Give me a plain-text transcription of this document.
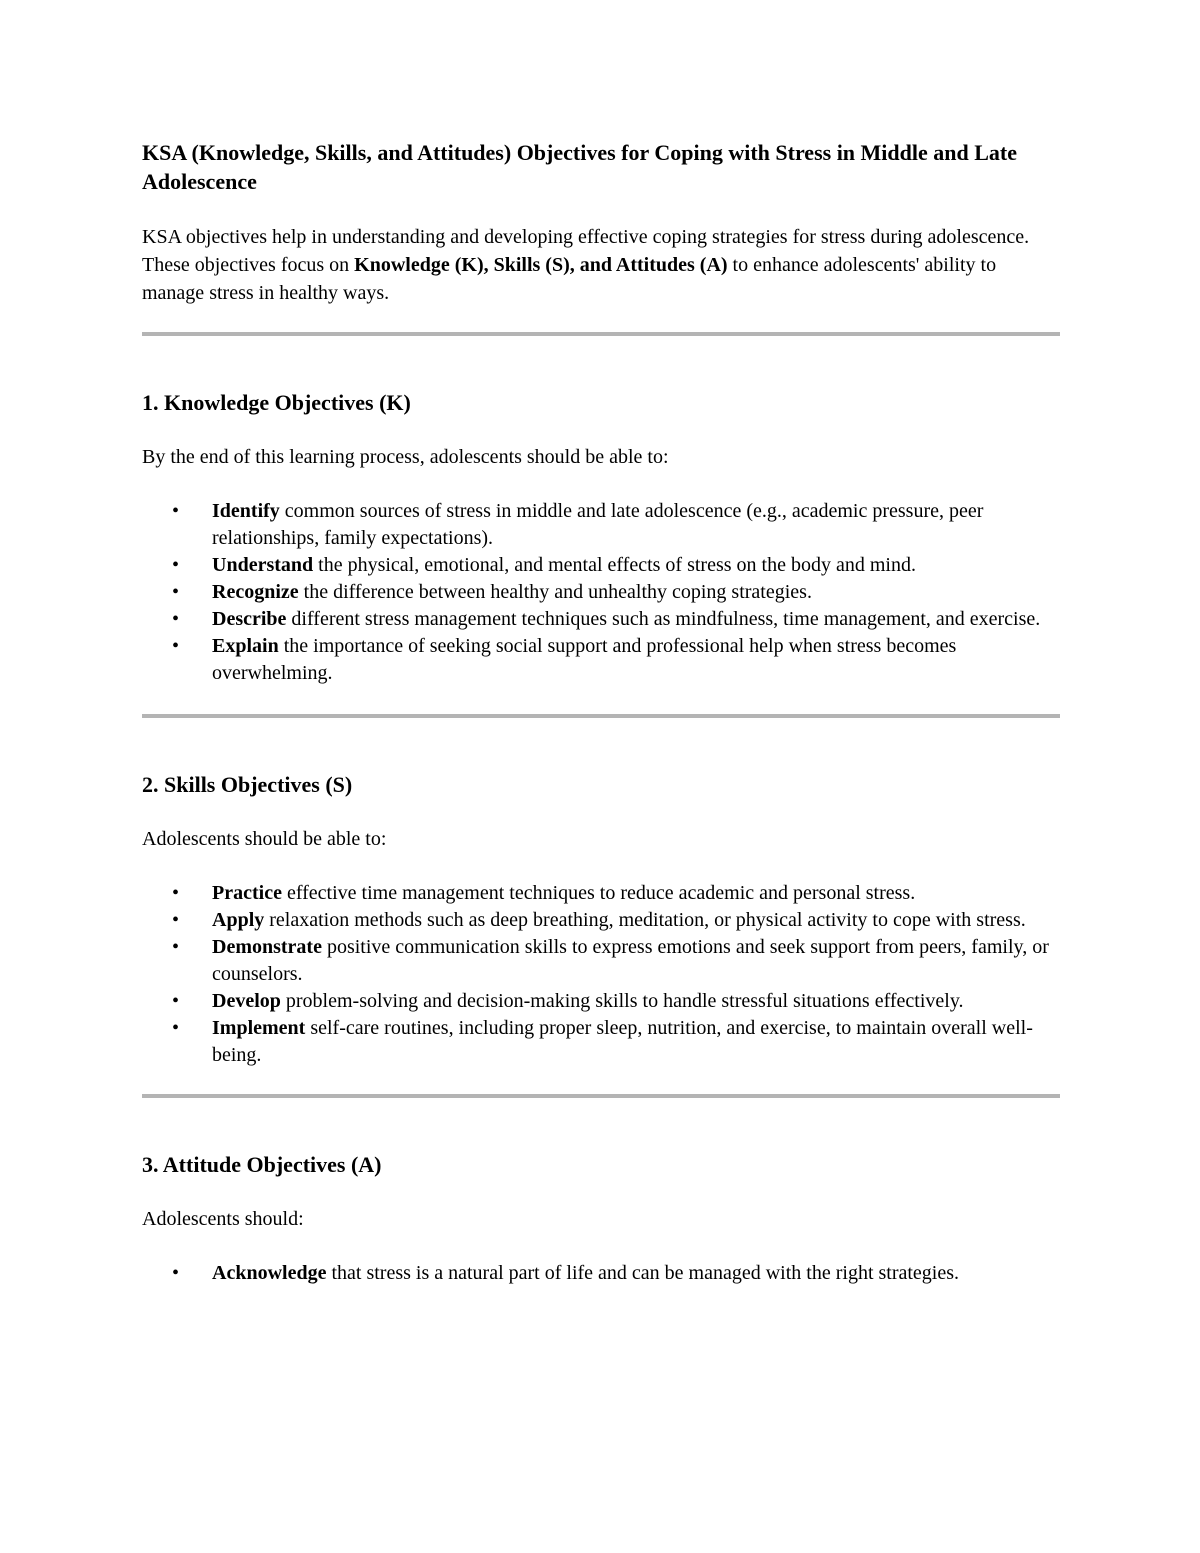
KSA (Knowledge, Skills, and Attitudes) Objectives for Coping with Stress in Middle and Late Adolescence

KSA objectives help in understanding and developing effective coping strategies for stress during adolescence. These objectives focus on Knowledge (K), Skills (S), and Attitudes (A) to enhance adolescents' ability to manage stress in healthy ways.

1. Knowledge Objectives (K)

By the end of this learning process, adolescents should be able to:

• Identify common sources of stress in middle and late adolescence (e.g., academic pressure, peer relationships, family expectations).
• Understand the physical, emotional, and mental effects of stress on the body and mind.
• Recognize the difference between healthy and unhealthy coping strategies.
• Describe different stress management techniques such as mindfulness, time management, and exercise.
• Explain the importance of seeking social support and professional help when stress becomes overwhelming.
2. Skills Objectives (S)

Adolescents should be able to:

• Practice effective time management techniques to reduce academic and personal stress.
• Apply relaxation methods such as deep breathing, meditation, or physical activity to cope with stress.
• Demonstrate positive communication skills to express emotions and seek support from peers, family, or counselors.
• Develop problem-solving and decision-making skills to handle stressful situations effectively.
• Implement self-care routines, including proper sleep, nutrition, and exercise, to maintain overall well-being.
3. Attitude Objectives (A)

Adolescents should:

• Acknowledge that stress is a natural part of life and can be managed with the right strategies.
